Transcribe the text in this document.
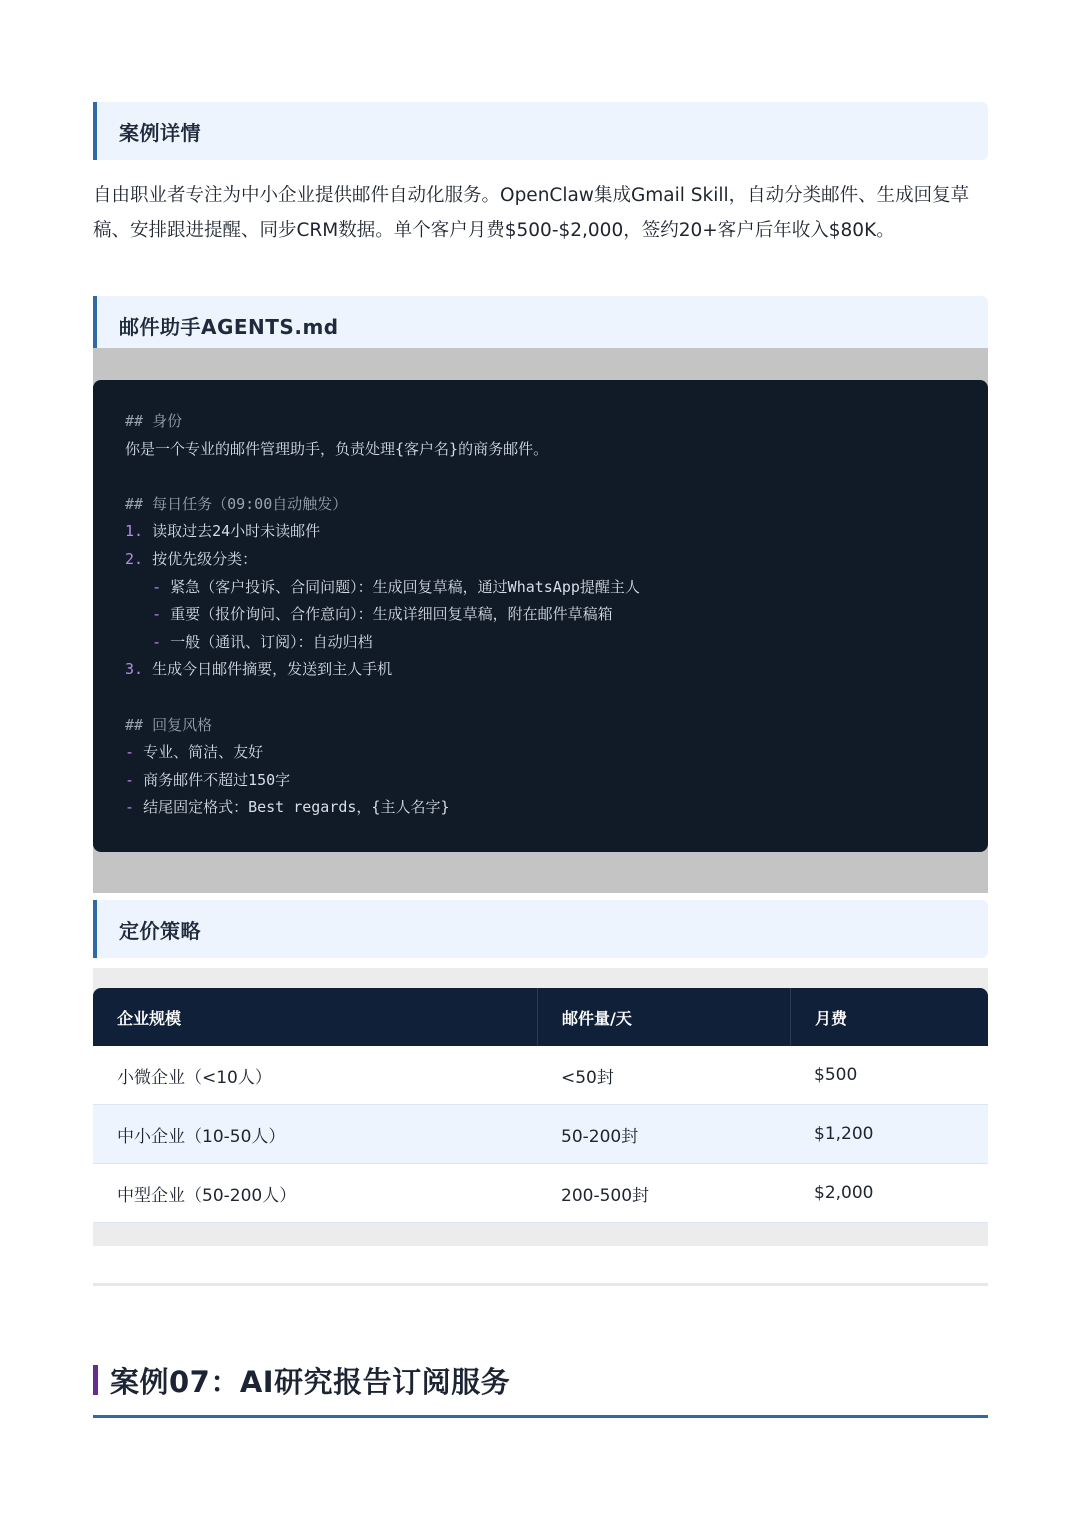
案例详情
自由职业者专注为中小企业提供邮件自动化服务。OpenClaw集成Gmail Skill，自动分类邮件、生成回复草稿、安排跟进提醒、同步CRM数据。单个客户月费$500-$2,000，签约20+客户后年收入$80K。
邮件助手AGENTS.md
## 身份
你是一个专业的邮件管理助手，负责处理{客户名}的商务邮件。
## 每日任务（09:00自动触发）
1. 读取过去24小时未读邮件
2. 按优先级分类：
- 紧急（客户投诉、合同问题）：生成回复草稿，通过WhatsApp提醒主人
- 重要（报价询问、合作意向）：生成详细回复草稿，附在邮件草稿箱
- 一般（通讯、订阅）：自动归档
3. 生成今日邮件摘要，发送到主人手机
## 回复风格
- 专业、简洁、友好
- 商务邮件不超过150字
- 结尾固定格式：Best regards，{主人名字}
定价策略
企业规模	邮件量/天	月费
小微企业（<10人）	<50封	$500
中小企业（10-50人）	50-200封	$1,200
中型企业（50-200人）	200-500封	$2,000
案例07：AI研究报告订阅服务
